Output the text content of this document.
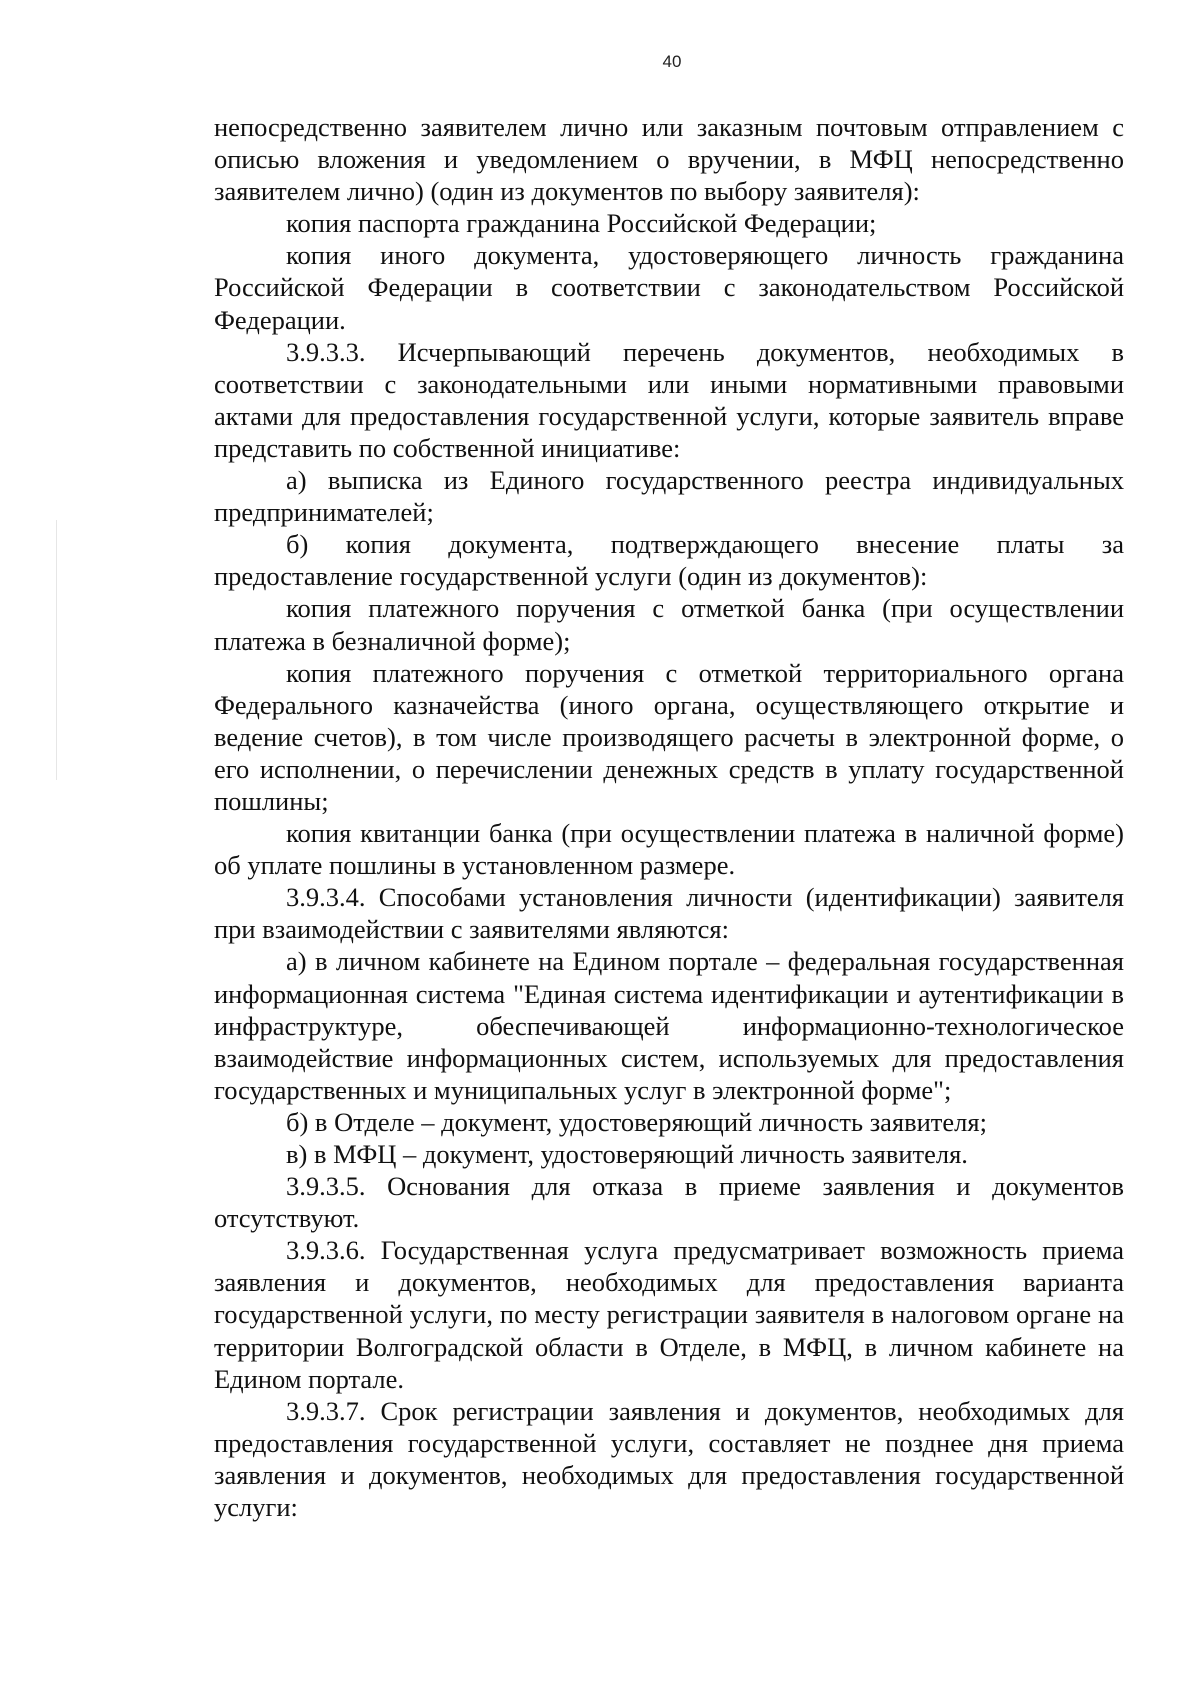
40

непосредственно заявителем лично или заказным почтовым отправлением с описью вложения и уведомлением о вручении, в МФЦ непосредственно заявителем лично) (один из документов по выбору заявителя):

копия паспорта гражданина Российской Федерации;

копия иного документа, удостоверяющего личность гражданина Российской Федерации в соответствии с законодательством Российской Федерации.

3.9.3.3. Исчерпывающий перечень документов, необходимых в соответствии с законодательными или иными нормативными правовыми актами для предоставления государственной услуги, которые заявитель вправе представить по собственной инициативе:

а) выписка из Единого государственного реестра индивидуальных предпринимателей;

б) копия документа, подтверждающего внесение платы за предоставление государственной услуги (один из документов):

копия платежного поручения с отметкой банка (при осуществлении платежа в безналичной форме);

копия платежного поручения с отметкой территориального органа Федерального казначейства (иного органа, осуществляющего открытие и ведение счетов), в том числе производящего расчеты в электронной форме, о его исполнении, о перечислении денежных средств в уплату государственной пошлины;

копия квитанции банка (при осуществлении платежа в наличной форме) об уплате пошлины в установленном размере.

3.9.3.4. Способами установления личности (идентификации) заявителя при взаимодействии с заявителями являются:

а) в личном кабинете на Едином портале – федеральная государственная информационная система "Единая система идентификации и аутентификации в инфраструктуре, обеспечивающей информационно-технологическое взаимодействие информационных систем, используемых для предоставления государственных и муниципальных услуг в электронной форме";

б) в Отделе – документ, удостоверяющий личность заявителя;

в) в МФЦ – документ, удостоверяющий личность заявителя.

3.9.3.5. Основания для отказа в приеме заявления и документов отсутствуют.

3.9.3.6. Государственная услуга предусматривает возможность приема заявления и документов, необходимых для предоставления варианта государственной услуги, по месту регистрации заявителя в налоговом органе на территории Волгоградской области в Отделе, в МФЦ, в личном кабинете на Едином портале.

3.9.3.7. Срок регистрации заявления и документов, необходимых для предоставления государственной услуги, составляет не позднее дня приема заявления и документов, необходимых для предоставления государственной услуги:
